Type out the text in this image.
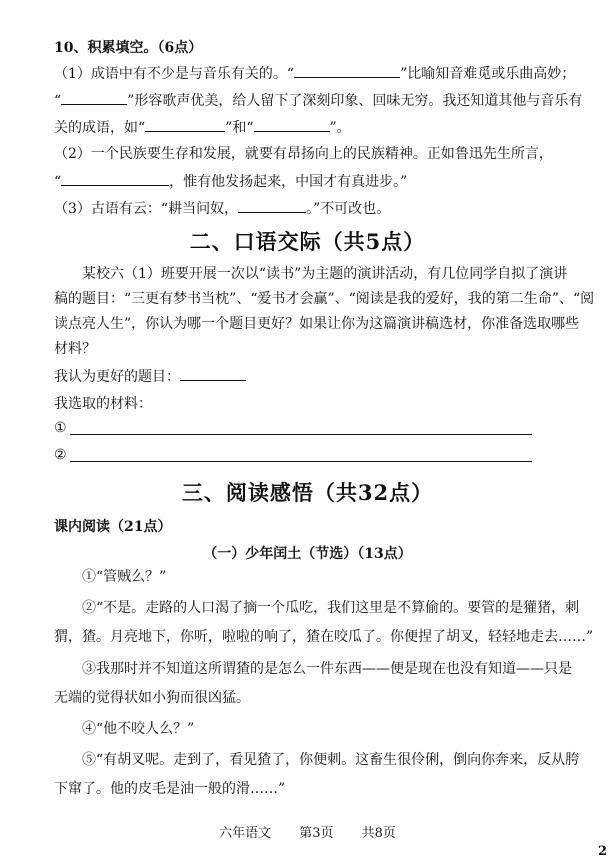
10、积累填空。（6点）
（1）成语中有不少是与音乐有关的。“	”比喻知音难觅或乐曲高妙；
“	”形容歌声优美，给人留下了深刻印象、回味无穷。我还知道其他与音乐有
关的成语，如“	”和“	”。
（2）一个民族要生存和发展，就要有昂扬向上的民族精神。正如鲁迅先生所言，
“	，惟有他发扬起来，中国才有真进步。”
（3）古语有云：“耕当问奴，	。”不可改也。
二、口语交际（共5点）
某校六（1）班要开展一次以“读书”为主题的演讲活动，有几位同学自拟了演讲
稿的题目：“三更有梦书当枕”、“爱书才会赢”、“阅读是我的爱好，我的第二生命”、“阅
读点亮人生”，你认为哪一个题目更好？如果让你为这篇演讲稿选材，你准备选取哪些
材料？
我认为更好的题目：
我选取的材料：
①
②
三、阅读感悟（共32点）
课内阅读（21点）
（一）少年闰土（节选）（13点）
①“管贼么？”
②“不是。走路的人口渴了摘一个瓜吃，我们这里是不算偷的。要管的是獾猪，刺
猬，猹。月亮地下，你听，啦啦的响了，猹在咬瓜了。你便捏了胡叉，轻轻地走去……”
③我那时并不知道这所谓猹的是怎么一件东西——便是现在也没有知道——只是
无端的觉得状如小狗而很凶猛。
④“他不咬人么？”
⑤“有胡叉呢。走到了，看见猹了，你便刺。这畜生很伶俐，倒向你奔来，反从胯
下窜了。他的皮毛是油一般的滑……”
六年语文 第3页 共8页
2
